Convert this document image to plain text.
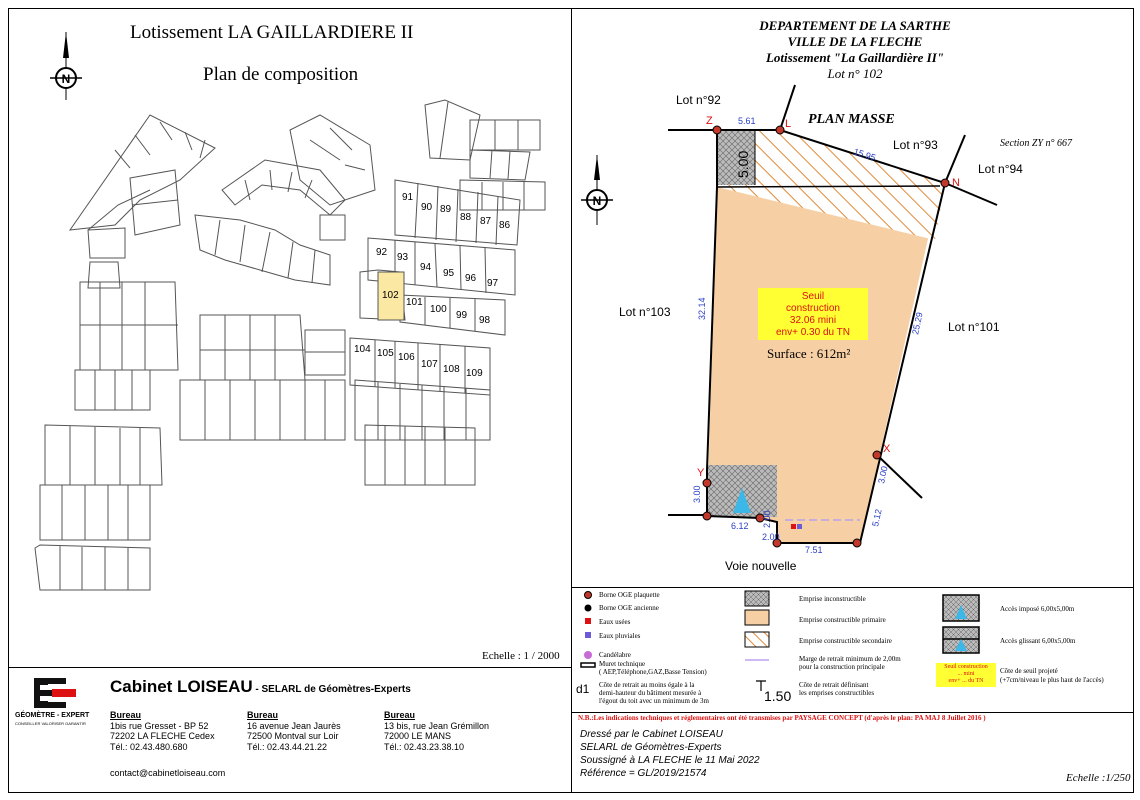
Lotissement LA GAILLARDIERE II
Plan de composition
Echelle : 1 / 2000
N
91
90 89
88 87 86
92 93
94
95 96 97
102
101
100
99 98
104 105 106
107 108 109
GÉOMÈTRE - EXPERT
CONSEILLER VALORISER GARANTIR
Cabinet LOISEAU - SELARL de Géomètres-Experts
Bureau
1bis rue Gresset - BP 52
72202 LA FLECHE Cedex
Tél.: 02.43.480.680
Bureau
16 avenue Jean Jaurès
72500 Montval sur Loir
Tél.: 02.43.44.21.22
Bureau
13 bis, rue Jean Grémillon
72000 LE MANS
Tél.: 02.43.23.38.10
contact@cabinetloiseau.com
DEPARTEMENT DE LA SARTHE
VILLE DE LA FLECHE
Lotissement "La Gaillardière II"
Lot n° 102
N
Z	L
N
X
Y
5.61
15.95
32.14
25.29
3.00
3.00
6.12 2.00
2.00
7.51
5.12
5.00
Lot n°92
Lot n°93
Lot n°94
Lot n°103
Lot n°101
Voie nouvelle
PLAN MASSE
Section ZY n° 667
Seuil
construction
32.06 mini
env+ 0.30 du TN
Surface : 612m²
Borne OGE plaquette
Borne OGE ancienne
Eaux usées
Eaux pluviales
Candélabre
Muret technique
( AEP,Téléphone,GAZ,Basse Tension)
d1 Côte de retrait au moins égale à la
demi-hauteur du bâtiment mesurée à
l'égout du toit avec un minimum de 3m
Emprise inconstructible
Emprise constructible primaire
Emprise constructible secondaire
Marge de retrait minimum de 2,00m
pour la construction principale
1.50
Côte de retrait définisant
les emprises constructibles
Accès imposé 6,00x5,00m
Accès glissant 6,00x5,00m
Seuil construction
... mini
env+ ... du TN
Côte de seuil projeté
(+7cm/niveau le plus haut de l'accès)
N.B.:Les indications techniques et réglementaires ont été transmises par PAYSAGE CONCEPT (d'après le plan: PA MAJ 8 Juillet 2016 )
Dressé par le Cabinet LOISEAU
SELARL de Géomètres-Experts
Soussigné à LA FLECHE le 11 Mai 2022
Référence = GL/2019/21574	Echelle :1/250
